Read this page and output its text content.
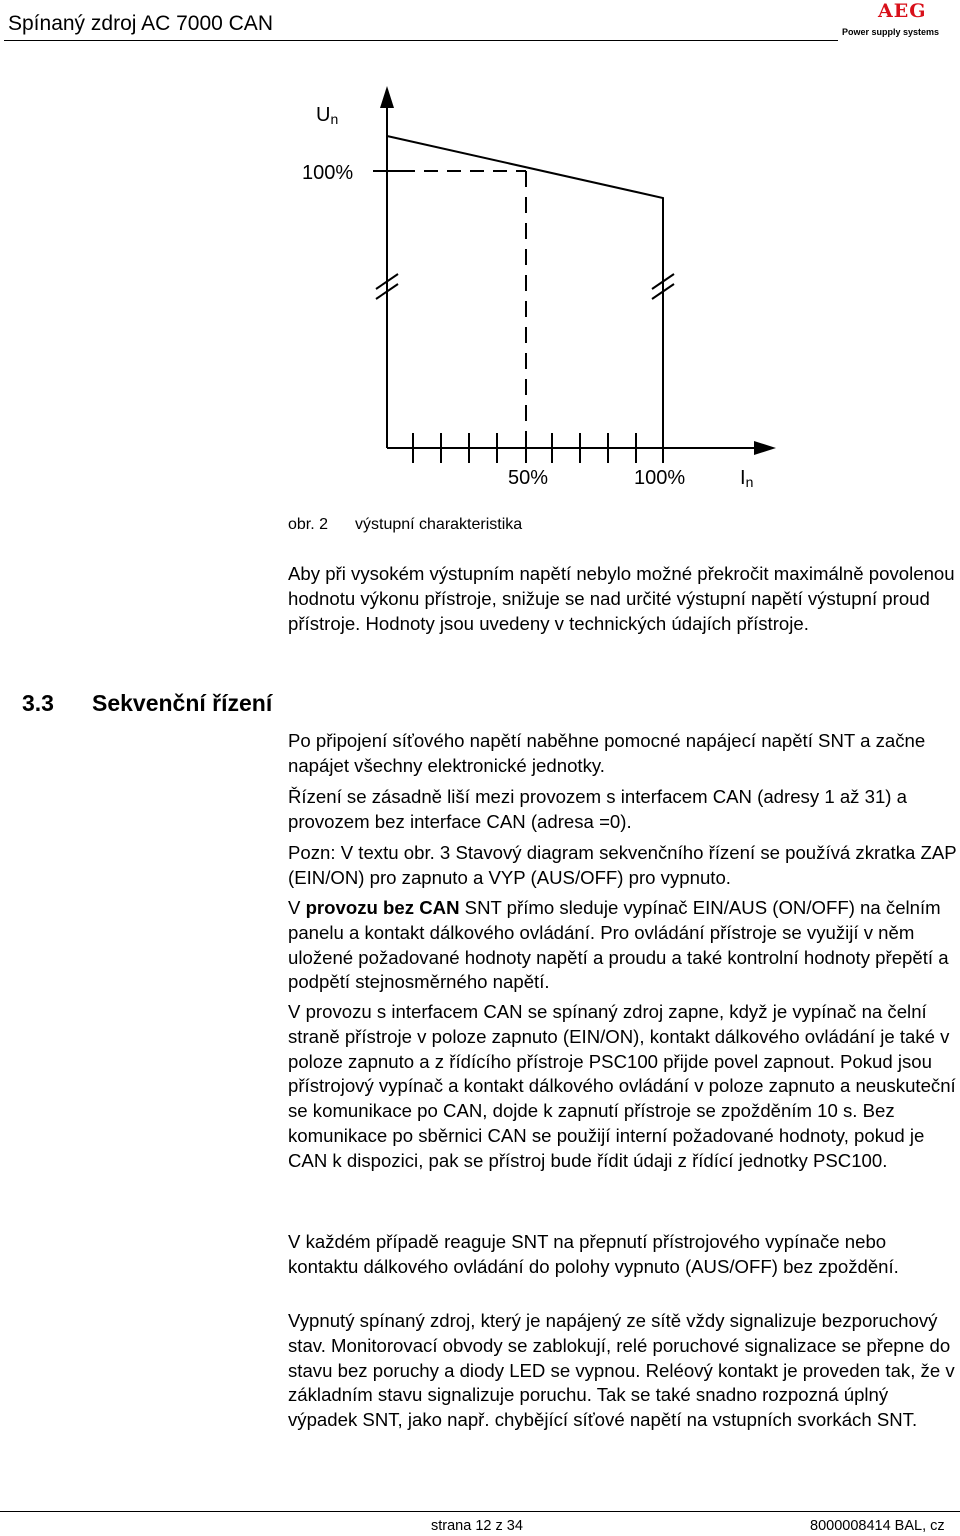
Spínaný zdroj AC 7000 CAN
AEG
Power supply systems
Un
100%
50%	100%	In
obr. 2 výstupní charakteristika

Aby při vysokém výstupním napětí nebylo možné překročit maximálně povolenou hodnotu výkonu přístroje, snižuje se nad určité výstupní napětí výstupní proud přístroje. Hodnoty jsou uvedeny v technických údajích přístroje.

3.3 Sekvenční řízení

Po připojení síťového napětí naběhne pomocné napájecí napětí SNT a začne napájet všechny elektronické jednotky.

Řízení se zásadně liší mezi provozem s interfacem CAN (adresy 1 až 31) a provozem bez interface CAN (adresa =0).

Pozn: V textu obr. 3 Stavový diagram sekvenčního řízení se používá zkratka ZAP (EIN/ON) pro zapnuto a VYP (AUS/OFF) pro vypnuto.

V provozu bez CAN SNT přímo sleduje vypínač EIN/AUS (ON/OFF) na čelním panelu a kontakt dálkového ovládání. Pro ovládání přístroje se využijí v něm uložené požadované hodnoty napětí a proudu a také kontrolní hodnoty přepětí a podpětí stejnosměrného napětí.

V provozu s interfacem CAN se spínaný zdroj zapne, když je vypínač na čelní straně přístroje v poloze zapnuto (EIN/ON), kontakt dálkového ovládání je také v poloze zapnuto a z řídícího přístroje PSC100 přijde povel zapnout. Pokud jsou přístrojový vypínač a kontakt dálkového ovládání v poloze zapnuto a neuskuteční se komunikace po CAN, dojde k zapnutí přístroje se zpožděním 10 s. Bez komunikace po sběrnici CAN se použijí interní požadované hodnoty, pokud je CAN k dispozici, pak se přístroj bude řídit údaji z řídící jednotky PSC100.

V každém případě reaguje SNT na přepnutí přístrojového vypínače nebo kontaktu dálkového ovládání do polohy vypnuto (AUS/OFF) bez zpoždění.

Vypnutý spínaný zdroj, který je napájený ze sítě vždy signalizuje bezporuchový stav. Monitorovací obvody se zablokují, relé poruchové signalizace se přepne do stavu bez poruchy a diody LED se vypnou. Reléový kontakt je proveden tak, že v základním stavu signalizuje poruchu. Tak se také snadno rozpozná úplný výpadek SNT, jako např. chybějící síťové napětí na vstupních svorkách SNT.

strana 12 z 34	8000008414 BAL, cz
